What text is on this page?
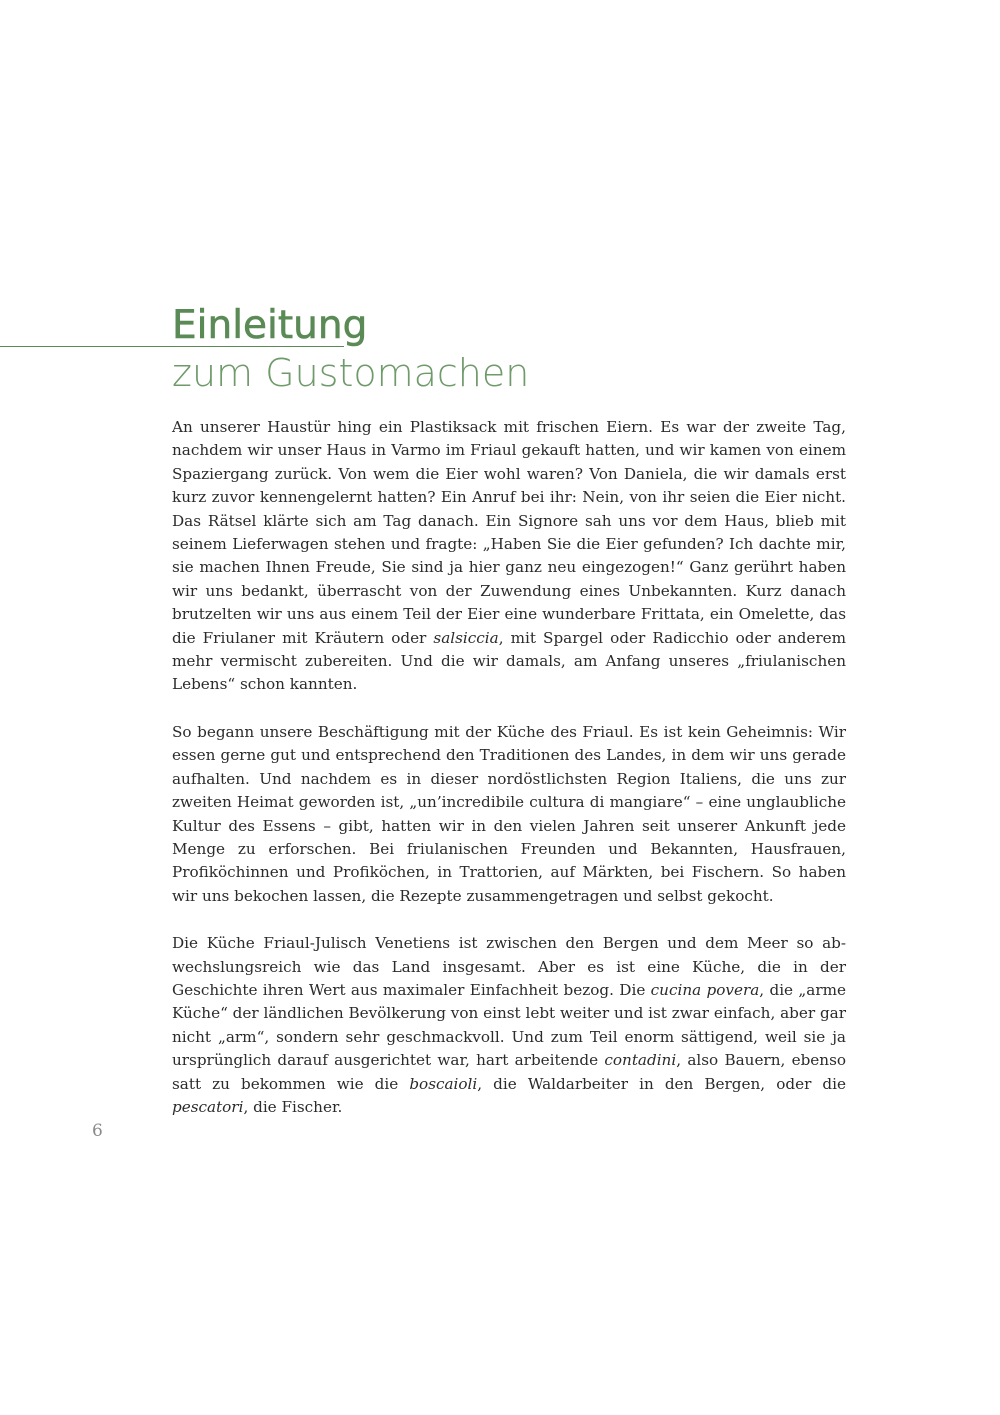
Einleitung
zum Gustomachen

An unserer Haustür hing ein Plastiksack mit frischen Eiern. Es war der zweite Tag, nachdem wir unser Haus in Varmo im Friaul gekauft hatten, und wir kamen von einem Spaziergang zurück. Von wem die Eier wohl waren? Von Daniela, die wir damals erst kurz zuvor kennengelernt hatten? Ein Anruf bei ihr: Nein, von ihr seien die Eier nicht. Das Rätsel klärte sich am Tag danach. Ein Signore sah uns vor dem Haus, blieb mit seinem Lieferwagen stehen und fragte: „Haben Sie die Eier gefunden? Ich dachte mir, sie machen Ihnen Freude, Sie sind ja hier ganz neu eingezogen!“ Ganz gerührt haben wir uns bedankt, überrascht von der Zuwendung eines Unbekannten. Kurz danach brutzelten wir uns aus einem Teil der Eier eine wunderbare Frittata, ein Omelette, das die Friulaner mit Kräutern oder salsiccia, mit Spargel oder Radicchio oder anderem mehr vermischt zubereiten. Und die wir damals, am Anfang unseres „friulanischen Lebens“ schon kannten.

So begann unsere Beschäftigung mit der Küche des Friaul. Es ist kein Geheimnis: Wir essen gerne gut und entsprechend den Traditionen des Landes, in dem wir uns gerade aufhalten. Und nachdem es in dieser nordöstlichsten Region Italiens, die uns zur zweiten Heimat geworden ist, „un’incredibile cultura di mangiare“ – eine unglaubliche Kultur des Essens – gibt, hatten wir in den vielen Jahren seit unserer Ankunft jede Menge zu erforschen. Bei friulanischen Freunden und Bekannten, Hausfrauen, Profiköchinnen und Profiköchen, in Trattorien, auf Märkten, bei Fischern. So haben wir uns bekochen lassen, die Rezepte zusammengetragen und selbst gekocht.

Die Küche Friaul-Julisch Venetiens ist zwischen den Bergen und dem Meer so abwechslungsreich wie das Land insgesamt. Aber es ist eine Küche, die in der Geschichte ihren Wert aus maximaler Einfachheit bezog. Die cucina povera, die „arme Küche“ der ländlichen Bevölkerung von einst lebt weiter und ist zwar einfach, aber gar nicht „arm“, sondern sehr geschmackvoll. Und zum Teil enorm sättigend, weil sie ja ursprünglich darauf ausgerichtet war, hart arbeitende contadini, also Bauern, ebenso satt zu bekommen wie die boscaioli, die Waldarbeiter in den Bergen, oder die pescatori, die Fischer.

6
